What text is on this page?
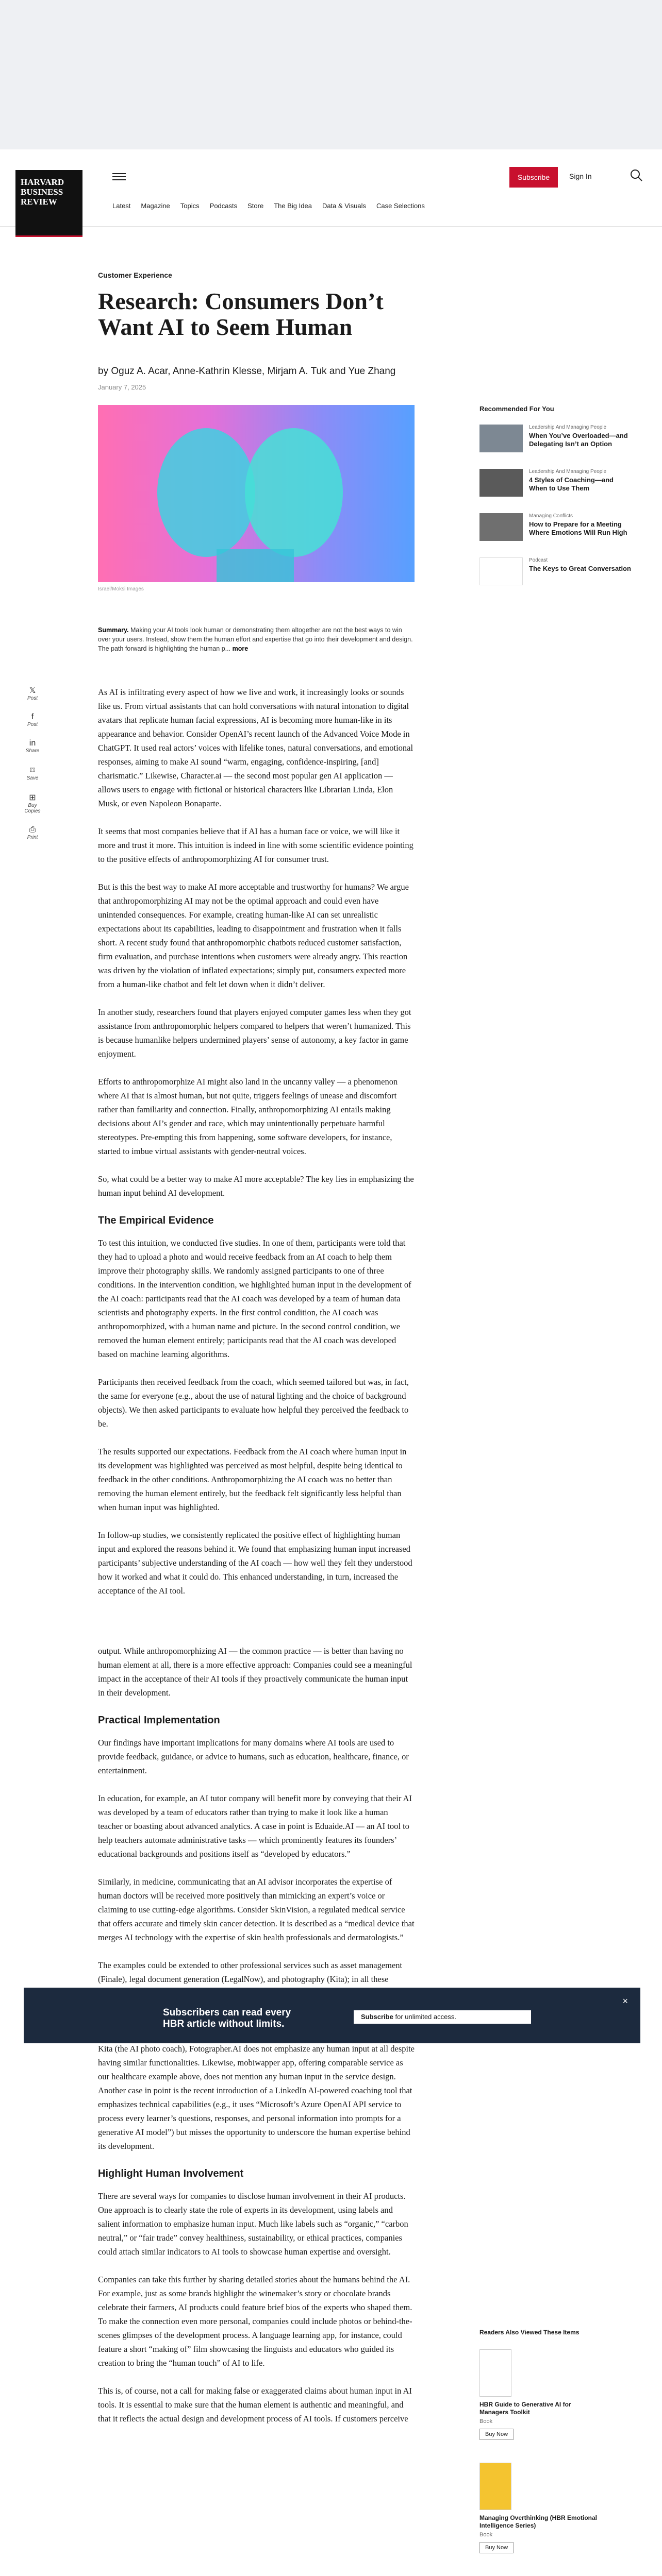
HARVARD BUSINESS REVIEW
Subscribe	Sign In
Latest Magazine Topics Podcasts Store The Big Idea Data & Visuals Case Selections
Customer Experience
Research: Consumers Don’t Want AI to Seem Human
by Oguz A. Acar, Anne-Kathrin Klesse, Mirjam A. Tuk and Yue Zhang
January 7, 2025
Israel/Moksi Images
Summary. Making your AI tools look human or demonstrating them altogether are not the best ways to win over your users. Instead, show them the human effort and expertise that go into their development and design. The path forward is highlighting the human p... more
𝕏
Post
f
Post
in
Share
⌑
Save
⊞
Buy Copies
⎙
Print

As AI is infiltrating every aspect of how we live and work, it increasingly looks or sounds like us. From virtual assistants that can hold conversations with natural intonation to digital avatars that replicate human facial expressions, AI is becoming more human-like in its appearance and behavior. Consider OpenAI’s recent launch of the Advanced Voice Mode in ChatGPT. It used real actors’ voices with lifelike tones, natural conversations, and emotional responses, aiming to make AI sound “warm, engaging, confidence-inspiring, [and] charismatic.” Likewise, Character.ai — the second most popular gen AI application — allows users to engage with fictional or historical characters like Librarian Linda, Elon Musk, or even Napoleon Bonaparte.

It seems that most companies believe that if AI has a human face or voice, we will like it more and trust it more. This intuition is indeed in line with some scientific evidence pointing to the positive effects of anthropomorphizing AI for consumer trust.

But is this the best way to make AI more acceptable and trustworthy for humans? We argue that anthropomorphizing AI may not be the optimal approach and could even have unintended consequences. For example, creating human-like AI can set unrealistic expectations about its capabilities, leading to disappointment and frustration when it falls short. A recent study found that anthropomorphic chatbots reduced customer satisfaction, firm evaluation, and purchase intentions when customers were already angry. This reaction was driven by the violation of inflated expectations; simply put, consumers expected more from a human-like chatbot and felt let down when it didn’t deliver.

In another study, researchers found that players enjoyed computer games less when they got assistance from anthropomorphic helpers compared to helpers that weren’t humanized. This is because humanlike helpers undermined players’ sense of autonomy, a key factor in game enjoyment.

Efforts to anthropomorphize AI might also land in the uncanny valley — a phenomenon where AI that is almost human, but not quite, triggers feelings of unease and discomfort rather than familiarity and connection. Finally, anthropomorphizing AI entails making decisions about AI’s gender and race, which may unintentionally perpetuate harmful stereotypes. Pre-empting this from happening, some software developers, for instance, started to imbue virtual assistants with gender-neutral voices.

So, what could be a better way to make AI more acceptable? The key lies in emphasizing the human input behind AI development.

The Empirical Evidence

To test this intuition, we conducted five studies. In one of them, participants were told that they had to upload a photo and would receive feedback from an AI coach to help them improve their photography skills. We randomly assigned participants to one of three conditions. In the intervention condition, we highlighted human input in the development of the AI coach: participants read that the AI coach was developed by a team of human data scientists and photography experts. In the first control condition, the AI coach was anthropomorphized, with a human name and picture. In the second control condition, we removed the human element entirely; participants read that the AI coach was developed based on machine learning algorithms.

Participants then received feedback from the coach, which seemed tailored but was, in fact, the same for everyone (e.g., about the use of natural lighting and the choice of background objects). We then asked participants to evaluate how helpful they perceived the feedback to be.

The results supported our expectations. Feedback from the AI coach where human input in its development was highlighted was perceived as most helpful, despite being identical to feedback in the other conditions. Anthropomorphizing the AI coach was no better than removing the human element entirely, but the feedback felt significantly less helpful than when human input was highlighted.

In follow-up studies, we consistently replicated the positive effect of highlighting human input and explored the reasons behind it. We found that emphasizing human input increased participants’ subjective understanding of the AI coach — how well they felt they understood how it worked and what it could do. This enhanced understanding, in turn, increased the acceptance of the AI tool.

output. While anthropomorphizing AI — the common practice — is better than having no human element at all, there is a more effective approach: Companies could see a meaningful impact in the acceptance of their AI tools if they proactively communicate the human input in their development.

Practical Implementation

Our findings have important implications for many domains where AI tools are used to provide feedback, guidance, or advice to humans, such as education, healthcare, finance, or entertainment.

In education, for example, an AI tutor company will benefit more by conveying that their AI was developed by a team of educators rather than trying to make it look like a human teacher or boasting about advanced analytics. A case in point is Eduaide.AI — an AI tool to help teachers automate administrative tasks — which prominently features its founders’ educational backgrounds and positions itself as “developed by educators.”

Similarly, in medicine, communicating that an AI advisor incorporates the expertise of human doctors will be received more positively than mimicking an expert’s voice or claiming to use cutting-edge algorithms. Consider SkinVision, a regulated medical service that offers accurate and timely skin cancer detection. It is described as a “medical device that merges AI technology with the expertise of skin health professionals and dermatologists.”

The examples could be extended to other professional services such as asset management (Finale), legal document generation (LegalNow), and photography (Kita); in all these

Kita (the AI photo coach), Fotographer.AI does not emphasize any human input at all despite having similar functionalities. Likewise, mobiwapper app, offering comparable service as our healthcare example above, does not mention any human input in the service design. Another case in point is the recent introduction of a LinkedIn AI-powered coaching tool that emphasizes technical capabilities (e.g., it uses “Microsoft’s Azure OpenAI API service to process every learner’s questions, responses, and personal information into prompts for a generative AI model”) but misses the opportunity to underscore the human expertise behind its development.

Highlight Human Involvement

There are several ways for companies to disclose human involvement in their AI products. One approach is to clearly state the role of experts in its development, using labels and salient information to emphasize human input. Much like labels such as “organic,” “carbon neutral,” or “fair trade” convey healthiness, sustainability, or ethical practices, companies could attach similar indicators to AI tools to showcase human expertise and oversight.

Companies can take this further by sharing detailed stories about the humans behind the AI. For example, just as some brands highlight the winemaker’s story or chocolate brands celebrate their farmers, AI products could feature brief bios of the experts who shaped them. To make the connection even more personal, companies could include photos or behind-the-scenes glimpses of the development process. A language learning app, for instance, could feature a short “making of” film showcasing the linguists and educators who guided its creation to bring the “human touch” of AI to life.

This is, of course, not a call for making false or exaggerated claims about human input in AI tools. It is essential to make sure that the human element is authentic and meaningful, and that it reflects the actual design and development process of AI tools. If customers perceive

Recommended For You
Leadership And Managing People
When You’ve Overloaded—and Delegating Isn’t an Option
Leadership And Managing People
4 Styles of Coaching—and When to Use Them
Managing Conflicts
How to Prepare for a Meeting Where Emotions Will Run High
Podcast
The Keys to Great Conversation
Subscribers can read every
HBR article without limits.
Subscribe for unlimited access.
×
Readers Also Viewed These Items
HBR Guide to Generative AI for Managers Toolkit
Book
Buy Now
Managing Overthinking (HBR Emotional Intelligence Series)
Book
Buy Now
